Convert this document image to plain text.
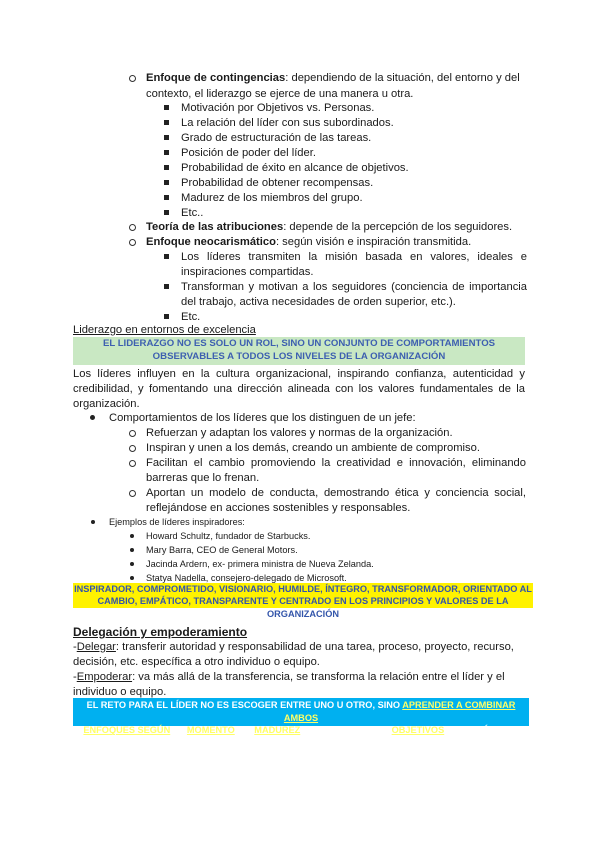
Enfoque de contingencias: dependiendo de la situación, del entorno y del
contexto, el liderazgo se ejerce de una manera u otra.
Motivación por Objetivos vs. Personas.
La relación del líder con sus subordinados.
Grado de estructuración de las tareas.
Posición de poder del líder.
Probabilidad de éxito en alcance de objetivos.
Probabilidad de obtener recompensas.
Madurez de los miembros del grupo.
Etc..
Teoría de las atribuciones: depende de la percepción de los seguidores.
Enfoque neocarismático: según visión e inspiración transmitida.
Los líderes transmiten la misión basada en valores, ideales e
inspiraciones compartidas.
Transforman y motivan a los seguidores (conciencia de importancia
del trabajo, activa necesidades de orden superior, etc.).
Etc.
Liderazgo en entornos de excelencia
EL LIDERAZGO NO ES SOLO UN ROL, SINO UN CONJUNTO DE COMPORTAMIENTOS
OBSERVABLES A TODOS LOS NIVELES DE LA ORGANIZACIÓN
Los líderes influyen en la cultura organizacional, inspirando confianza, autenticidad y
credibilidad, y fomentando una dirección alineada con los valores fundamentales de la
organización.
Comportamientos de los líderes que los distinguen de un jefe:
Refuerzan y adaptan los valores y normas de la organización.
Inspiran y unen a los demás, creando un ambiente de compromiso.
Facilitan el cambio promoviendo la creatividad e innovación, eliminando
barreras que lo frenan.
Aportan un modelo de conducta, demostrando ética y conciencia social,
reflejándose en acciones sostenibles y responsables.
Ejemplos de líderes inspiradores:
Howard Schultz, fundador de Starbucks.
Mary Barra, CEO de General Motors.
Jacinda Ardern, ex- primera ministra de Nueva Zelanda.
Statya Nadella, consejero-delegado de Microsoft.
INSPIRADOR, COMPROMETIDO, VISIONARIO, HUMILDE, ÍNTEGRO, TRANSFORMADOR, ORIENTADO AL
CAMBIO, EMPÁTICO, TRANSPARENTE Y CENTRADO EN LOS PRINCIPIOS Y VALORES DE LA ORGANIZACIÓN
Delegación y empoderamiento
-Delegar: transferir autoridad y responsabilidad de una tarea, proceso, proyecto, recurso,
decisión, etc. específica a otro individuo o equipo.
-Empoderar: va más allá de la transferencia, se transforma la relación entre el líder y el
individuo o equipo.
EL RETO PARA EL LÍDER NO ES ESCOGER ENTRE UNO U OTRO, SINO APRENDER A COMBINAR AMBOS
ENFOQUES SEGÚN EL MOMENTO, LA MADUREZ DEL EQUIPO Y LOS OBJETIVOS ESTRATÉGICOS
